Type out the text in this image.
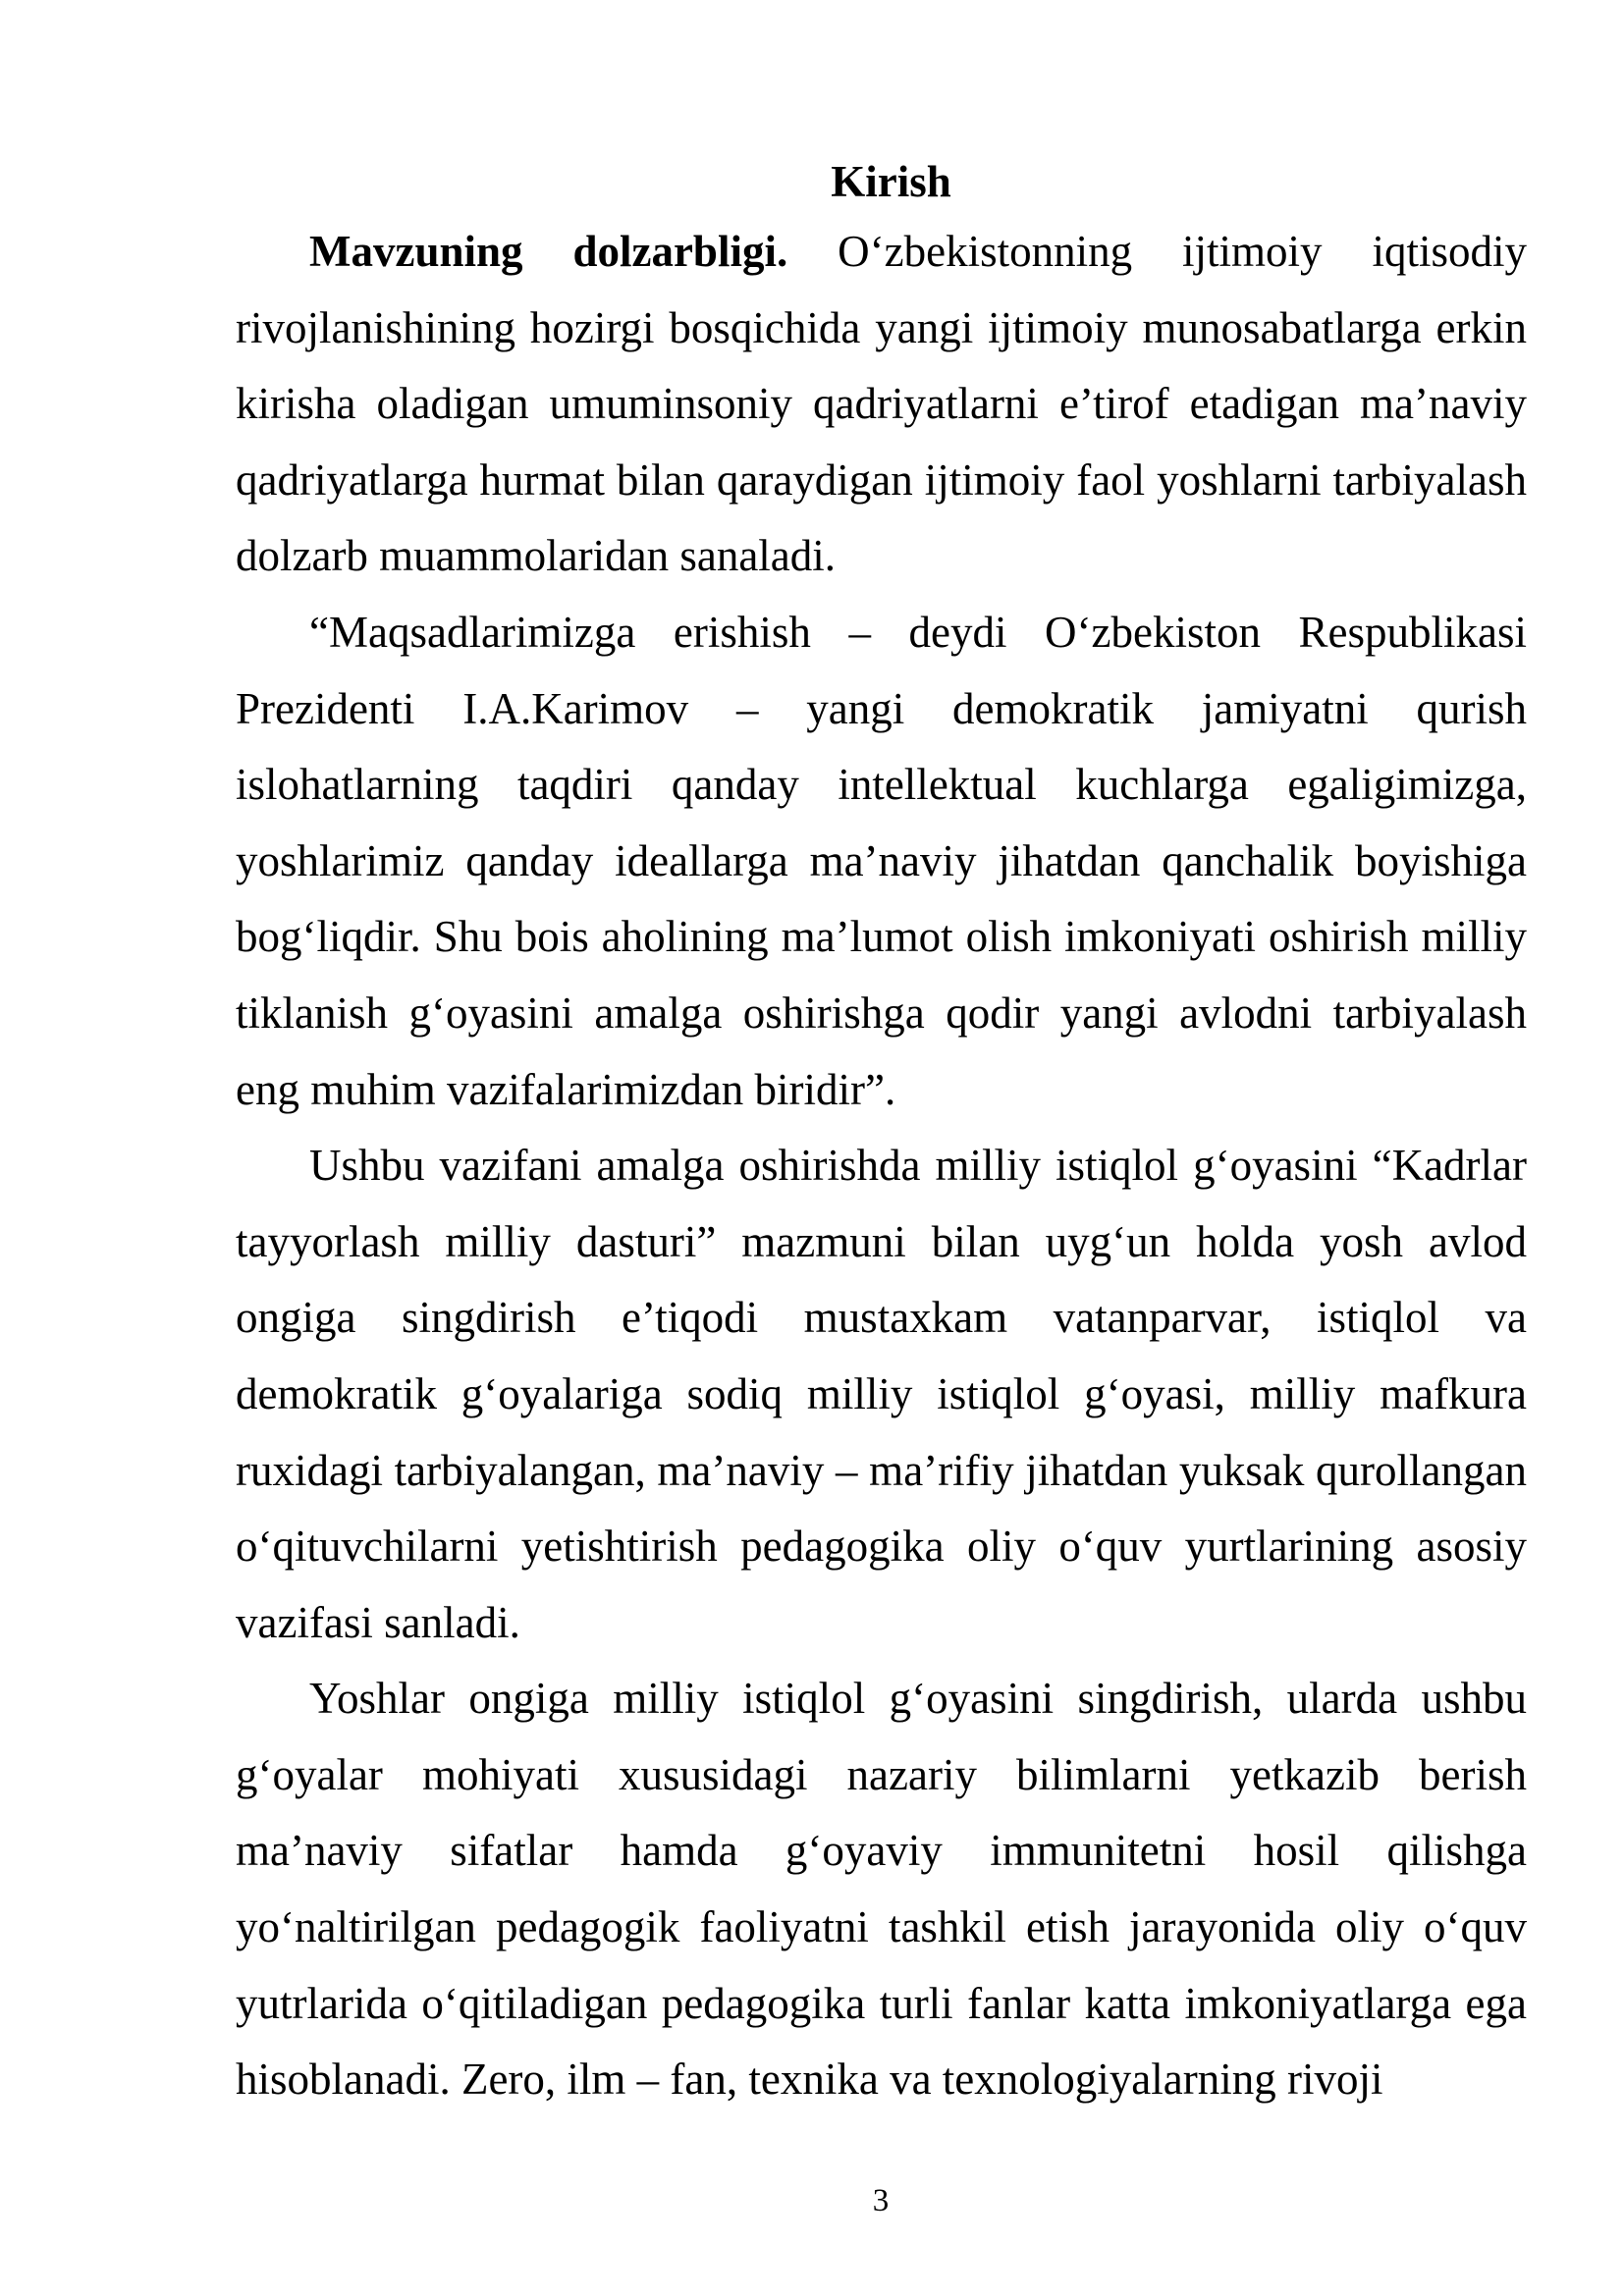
Kirish

Mavzuning dolzarbligi. O‘zbekistonning ijtimoiy iqtisodiy rivojlanishining hozirgi bosqichida yangi ijtimoiy munosabatlarga erkin kirisha oladigan umuminsoniy qadriyatlarni e’tirof etadigan ma’naviy qadriyatlarga hurmat bilan qaraydigan ijtimoiy faol yoshlarni tarbiyalash dolzarb muammolaridan sanaladi.

“Maqsadlarimizga erishish – deydi O‘zbekiston Respublikasi Prezidenti I.A.Karimov – yangi demokratik jamiyatni qurish islohatlarning taqdiri qanday intellektual kuchlarga egaligimizga, yoshlarimiz qanday ideallarga ma’naviy jihatdan qanchalik boyishiga bog‘liqdir. Shu bois aholining ma’lumot olish imkoniyati oshirish milliy tiklanish g‘oyasini amalga oshirishga qodir yangi avlodni tarbiyalash eng muhim vazifalarimizdan biridir”.

Ushbu vazifani amalga oshirishda milliy istiqlol g‘oyasini “Kadrlar tayyorlash milliy dasturi” mazmuni bilan uyg‘un holda yosh avlod ongiga singdirish e’tiqodi mustaxkam vatanparvar, istiqlol va demokratik g‘oyalariga sodiq milliy istiqlol g‘oyasi, milliy mafkura ruxidagi tarbiyalangan, ma’naviy – ma’rifiy jihatdan yuksak qurollangan o‘qituvchilarni yetishtirish pedagogika oliy o‘quv yurtlarining asosiy vazifasi sanladi.

Yoshlar ongiga milliy istiqlol g‘oyasini singdirish, ularda ushbu g‘oyalar mohiyati xususidagi nazariy bilimlarni yetkazib berish ma’naviy sifatlar hamda g‘oyaviy immunitetni hosil qilishga yo‘naltirilgan pedagogik faoliyatni tashkil etish jarayonida oliy o‘quv yutrlarida o‘qitiladigan pedagogika turli fanlar katta imkoniyatlarga ega hisoblanadi. Zero, ilm – fan, texnika va texnologiyalarning rivoji

3
